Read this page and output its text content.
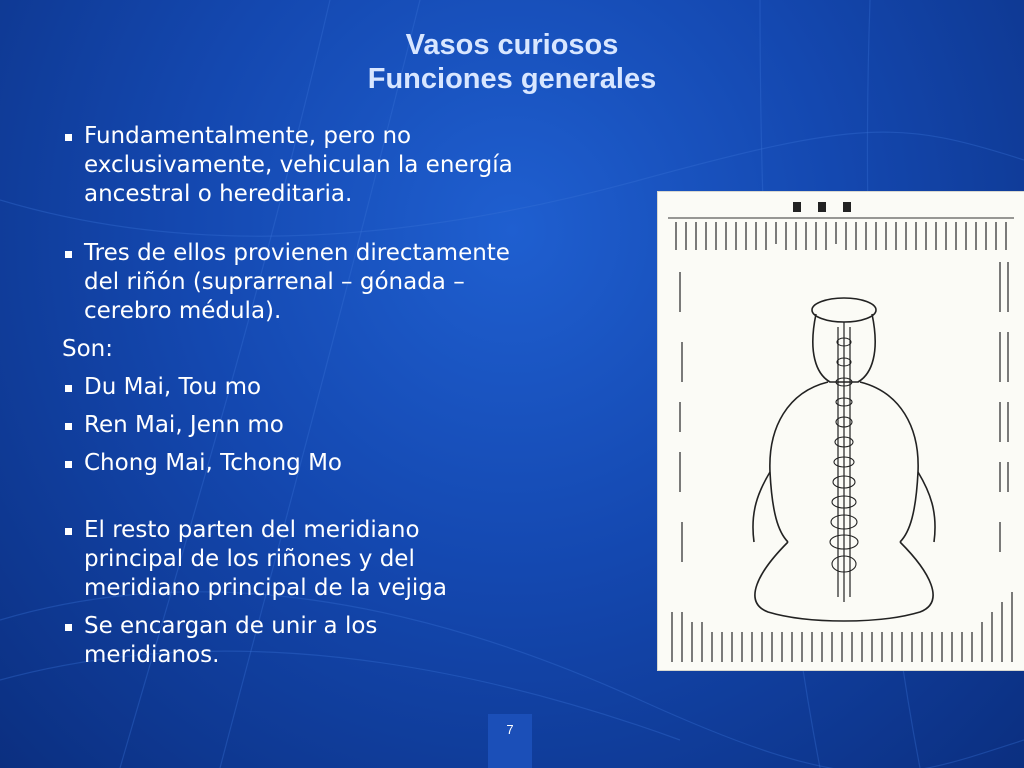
Vasos curiosos
Funciones generales
Fundamentalmente, pero no
exclusivamente, vehiculan la energía
ancestral o hereditaria.
Tres de ellos provienen directamente
del riñón (suprarrenal – gónada –
cerebro médula).
Son:
Du Mai, Tou mo
Ren Mai, Jenn mo
Chong Mai, Tchong Mo
El resto parten del meridiano
principal de los riñones y del
meridiano principal de la vejiga
Se encargan de unir a los
meridianos.
7
